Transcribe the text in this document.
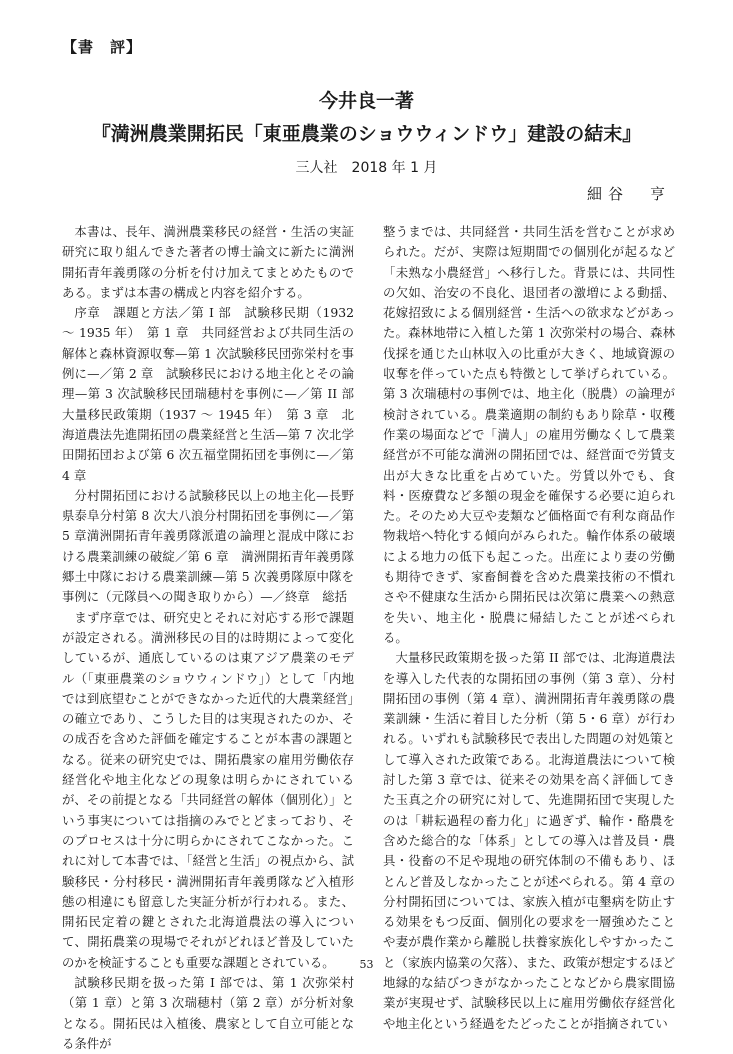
【書　評】
今井良一著
『満洲農業開拓民「東亜農業のショウウィンドウ」建設の結末』
三人社　2018 年 1 月
細谷　亨

本書は、長年、満洲農業移民の経営・生活の実証研究に取り組んできた著者の博士論文に新たに満洲開拓青年義勇隊の分析を付け加えてまとめたものである。まずは本書の構成と内容を紹介する。

序章　課題と方法／第 I 部　試験移民期（1932 ～ 1935 年）　第 1 章　共同経営および共同生活の解体と森林資源収奪—第 1 次試験移民団弥栄村を事例に—／第 2 章　試験移民における地主化とその論理—第 3 次試験移民団瑞穂村を事例に—／第 II 部　大量移民政策期（1937 ～ 1945 年）　第 3 章　北海道農法先進開拓団の農業経営と生活—第 7 次北学田開拓団および第 6 次五福堂開拓団を事例に—／第 4 章

分村開拓団における試験移民以上の地主化—長野県泰阜分村第 8 次大八浪分村開拓団を事例に—／第 5 章満洲開拓青年義勇隊派遣の論理と混成中隊における農業訓練の破綻／第 6 章　満洲開拓青年義勇隊郷土中隊における農業訓練—第 5 次義勇隊原中隊を事例に（元隊員への聞き取りから）—／終章　総括

まず序章では、研究史とそれに対応する形で課題が設定される。満洲移民の目的は時期によって変化しているが、通底しているのは東アジア農業のモデル（「東亜農業のショウウィンドウ」）として「内地では到底望むことができなかった近代的大農業経営」の確立であり、こうした目的は実現されたのか、その成否を含めた評価を確定することが本書の課題となる。従来の研究史では、開拓農家の雇用労働依存経営化や地主化などの現象は明らかにされているが、その前提となる「共同経営の解体（個別化）」という事実については指摘のみでとどまっており、そのプロセスは十分に明らかにされてこなかった。これに対して本書では、「経営と生活」の視点から、試験移民・分村移民・満洲開拓青年義勇隊など入植形態の相違にも留意した実証分析が行われる。また、開拓民定着の鍵とされた北海道農法の導入について、開拓農業の現場でそれがどれほど普及していたのかを検証することも重要な課題とされている。

試験移民期を扱った第 I 部では、第 1 次弥栄村（第 1 章）と第 3 次瑞穂村（第 2 章）が分析対象となる。開拓民は入植後、農家として自立可能となる条件が

整うまでは、共同経営・共同生活を営むことが求められた。だが、実際は短期間での個別化が起るなど「未熟な小農経営」へ移行した。背景には、共同性の欠如、治安の不良化、退団者の激増による動揺、花嫁招致による個別経営・生活への欲求などがあった。森林地帯に入植した第 1 次弥栄村の場合、森林伐採を通じた山林収入の比重が大きく、地域資源の収奪を伴っていた点も特徴として挙げられている。第 3 次瑞穂村の事例では、地主化（脱農）の論理が検討されている。農業適期の制約もあり除草・収穫作業の場面などで「満人」の雇用労働なくして農業経営が不可能な満洲の開拓団では、経営面で労賃支出が大きな比重を占めていた。労賃以外でも、食料・医療費など多額の現金を確保する必要に迫られた。そのため大豆や麦類など価格面で有利な商品作物栽培へ特化する傾向がみられた。輪作体系の破壊による地力の低下も起こった。出産により妻の労働も期待できず、家畜飼養を含めた農業技術の不慣れさや不健康な生活から開拓民は次第に農業への熱意を失い、地主化・脱農に帰結したことが述べられる。

大量移民政策期を扱った第 II 部では、北海道農法を導入した代表的な開拓団の事例（第 3 章）、分村開拓団の事例（第 4 章）、満洲開拓青年義勇隊の農業訓練・生活に着目した分析（第 5・6 章）が行われる。いずれも試験移民で表出した問題の対処策として導入された政策である。北海道農法について検討した第 3 章では、従来その効果を高く評価してきた玉真之介の研究に対して、先進開拓団で実現したのは「耕耘過程の畜力化」に過ぎず、輪作・酪農を含めた総合的な「体系」としての導入は普及員・農具・役畜の不足や現地の研究体制の不備もあり、ほとんど普及しなかったことが述べられる。第 4 章の分村開拓団については、家族入植が屯墾病を防止する効果をもつ反面、個別化の要求を一層強めたことや妻が農作業から離脱し扶養家族化しやすかったこと（家族内協業の欠落）、また、政策が想定するほど地縁的な結びつきがなかったことなどから農家間協業が実現せず、試験移民以上に雇用労働依存経営化や地主化という経過をたどったことが指摘されてい

53
